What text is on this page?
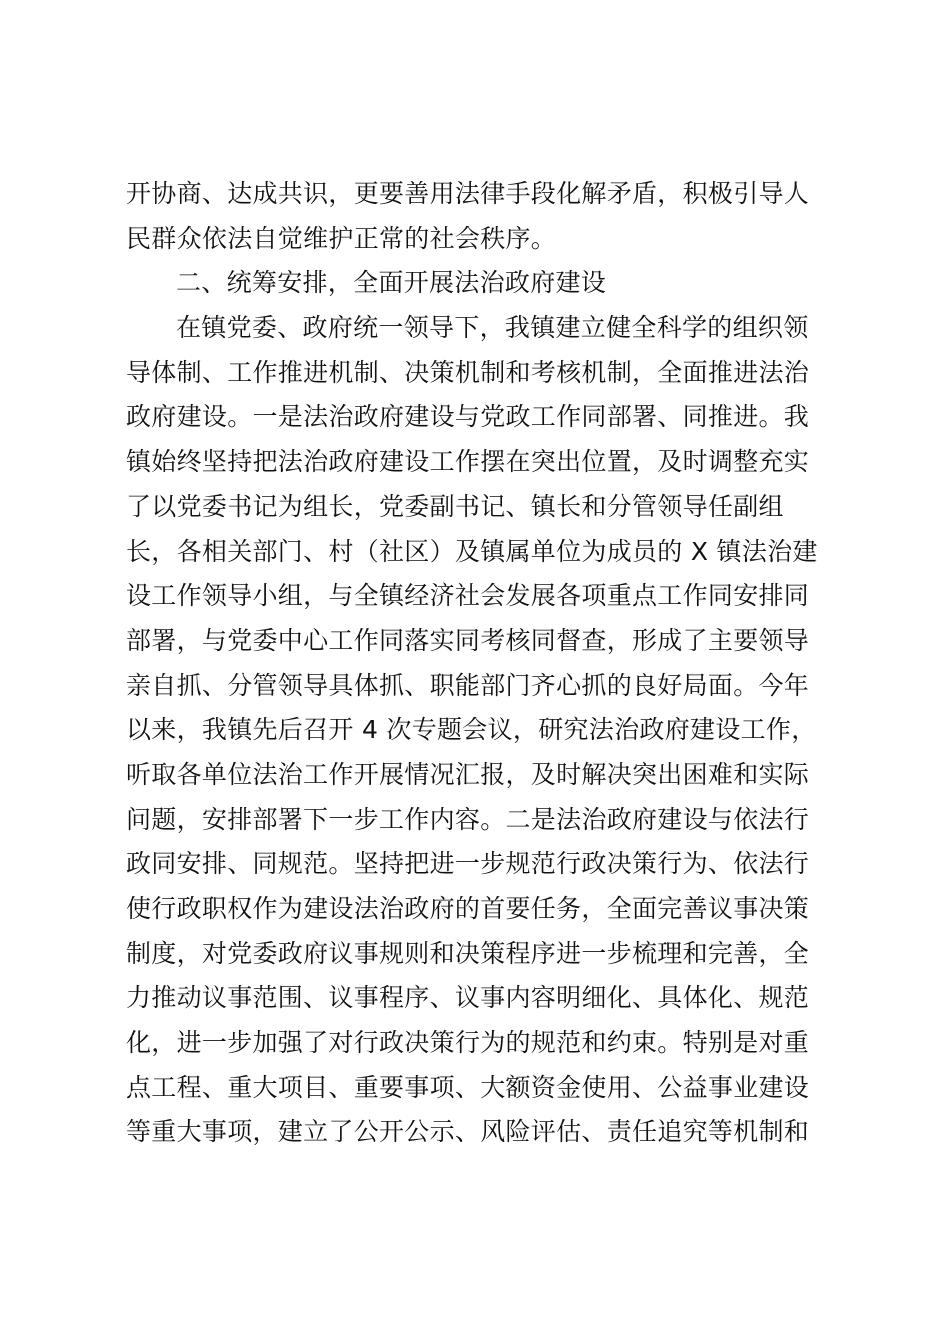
开协商、达成共识，更要善用法律手段化解矛盾，积极引导人
民群众依法自觉维护正常的社会秩序。
二、统筹安排，全面开展法治政府建设
在镇党委、政府统一领导下，我镇建立健全科学的组织领
导体制、工作推进机制、决策机制和考核机制，全面推进法治
政府建设。一是法治政府建设与党政工作同部署、同推进。我
镇始终坚持把法治政府建设工作摆在突出位置，及时调整充实
了以党委书记为组长，党委副书记、镇长和分管领导任副组
长，各相关部门、村（社区）及镇属单位为成员的 X 镇法治建
设工作领导小组，与全镇经济社会发展各项重点工作同安排同
部署，与党委中心工作同落实同考核同督查，形成了主要领导
亲自抓、分管领导具体抓、职能部门齐心抓的良好局面。今年
以来，我镇先后召开 4 次专题会议，研究法治政府建设工作，
听取各单位法治工作开展情况汇报，及时解决突出困难和实际
问题，安排部署下一步工作内容。二是法治政府建设与依法行
政同安排、同规范。坚持把进一步规范行政决策行为、依法行
使行政职权作为建设法治政府的首要任务，全面完善议事决策
制度，对党委政府议事规则和决策程序进一步梳理和完善，全
力推动议事范围、议事程序、议事内容明细化、具体化、规范
化，进一步加强了对行政决策行为的规范和约束。特别是对重
点工程、重大项目、重要事项、大额资金使用、公益事业建设
等重大事项，建立了公开公示、风险评估、责任追究等机制和
